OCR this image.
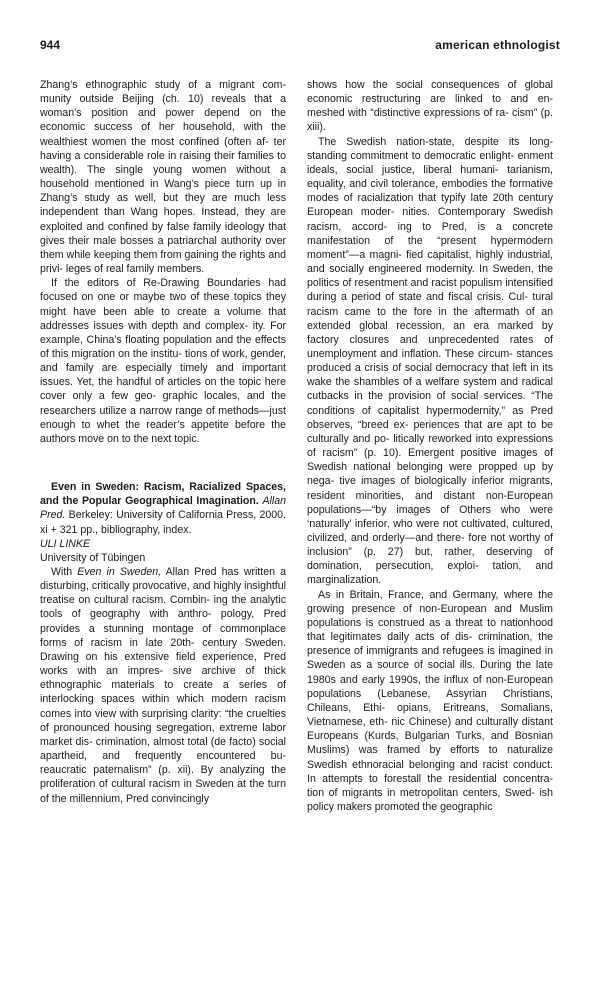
944	american ethnologist

Zhang’s ethnographic study of a migrant com- munity outside Beijing (ch. 10) reveals that a woman’s position and power depend on the economic success of her household, with the wealthiest women the most confined (often af- ter having a considerable role in raising their families to wealth). The single young women without a household mentioned in Wang’s piece turn up in Zhang’s study as well, but they are much less independent than Wang hopes. Instead, they are exploited and confined by false family ideology that gives their male bosses a patriarchal authority over them while keeping them from gaining the rights and privi- leges of real family members.

If the editors of Re-Drawing Boundaries had focused on one or maybe two of these topics they might have been able to create a volume that addresses issues with depth and complex- ity. For example, China’s floating population and the effects of this migration on the institu- tions of work, gender, and family are especially timely and important issues. Yet, the handful of articles on the topic here cover only a few geo- graphic locales, and the researchers utilize a narrow range of methods—just enough to whet the reader’s appetite before the authors move on to the next topic.

Even in Sweden: Racism, Racialized Spaces, and the Popular Geographical Imagination. Allan Pred. Berkeley: University of California Press, 2000. xi + 321 pp., bibliography, index.

ULI LINKE

University of Tübingen

With Even in Sweden, Allan Pred has written a disturbing, critically provocative, and highly insightful treatise on cultural racism. Combin- ing the analytic tools of geography with anthro- pology, Pred provides a stunning montage of commonplace forms of racism in late 20th- century Sweden. Drawing on his extensive field experience, Pred works with an impres- sive archive of thick ethnographic materials to create a series of interlocking spaces within which modern racism comes into view with surprising clarity: “the cruelties of pronounced housing segregation, extreme labor market dis- crimination, almost total (de facto) social apartheid, and frequently encountered bu- reaucratic paternalism” (p. xii). By analyzing the proliferation of cultural racism in Sweden at the turn of the millennium, Pred convincingly

shows how the social consequences of global economic restructuring are linked to and en- meshed with “distinctive expressions of ra- cism” (p. xiii).

The Swedish nation-state, despite its long- standing commitment to democratic enlight- enment ideals, social justice, liberal humani- tarianism, equality, and civil tolerance, embodies the formative modes of racialization that typify late 20th century European moder- nities. Contemporary Swedish racism, accord- ing to Pred, is a concrete manifestation of the “present hypermodern moment”—a magni- fied capitalist, highly industrial, and socially engineered modernity. In Sweden, the politics of resentment and racist populism intensified during a period of state and fiscal crisis. Cul- tural racism came to the fore in the aftermath of an extended global recession, an era marked by factory closures and unprecedented rates of unemployment and inflation. These circum- stances produced a crisis of social democracy that left in its wake the shambles of a welfare system and radical cutbacks in the provision of social services. “The conditions of capitalist hypermodernity,” as Pred observes, “breed ex- periences that are apt to be culturally and po- litically reworked into expressions of racism” (p. 10). Emergent positive images of Swedish national belonging were propped up by nega- tive images of biologically inferior migrants, resident minorities, and distant non-European populations—“by images of Others who were ‘naturally’ inferior, who were not cultivated, cultured, civilized, and orderly—and there- fore not worthy of inclusion” (p. 27) but, rather, deserving of domination, persecution, exploi- tation, and marginalization.

As in Britain, France, and Germany, where the growing presence of non-European and Muslim populations is construed as a threat to nationhood that legitimates daily acts of dis- crimination, the presence of immigrants and refugees is imagined in Sweden as a source of social ills. During the late 1980s and early 1990s, the influx of non-European populations (Lebanese, Assyrian Christians, Chileans, Ethi- opians, Eritreans, Somalians, Vietnamese, eth- nic Chinese) and culturally distant Europeans (Kurds, Bulgarian Turks, and Bosnian Muslims) was framed by efforts to naturalize Swedish ethnoracial belonging and racist conduct. In attempts to forestall the residential concentra- tion of migrants in metropolitan centers, Swed- ish policy makers promoted the geographic
